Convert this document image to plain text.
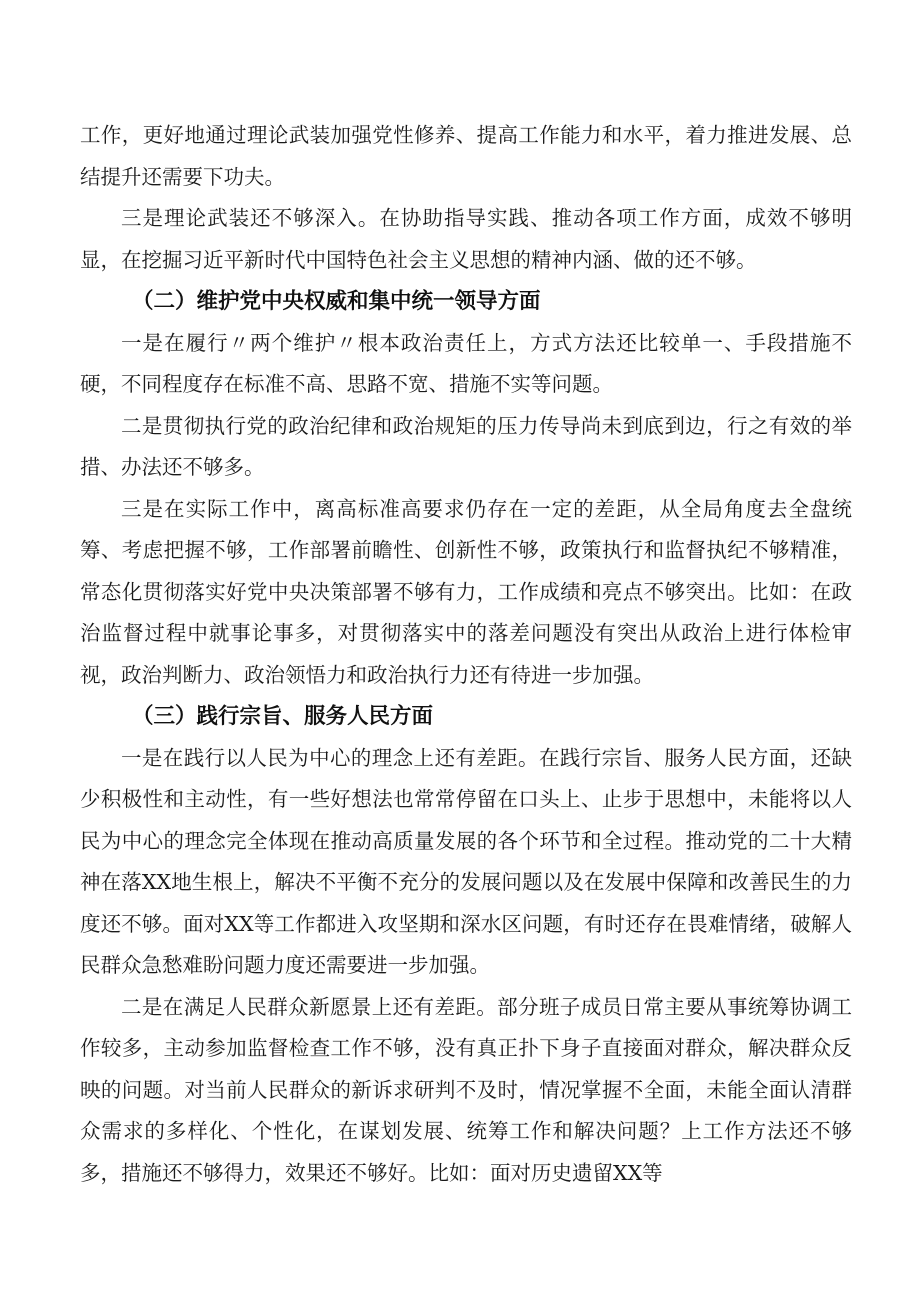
工作，更好地通过理论武装加强党性修养、提高工作能力和水平，着力推进发展、总结提升还需要下功夫。

三是理论武装还不够深入。在协助指导实践、推动各项工作方面，成效不够明显，在挖掘习近平新时代中国特色社会主义思想的精神内涵、做的还不够。

（二）维护党中央权威和集中统一领导方面

一是在履行〃两个维护〃根本政治责任上，方式方法还比较单一、手段措施不硬，不同程度存在标准不高、思路不宽、措施不实等问题。

二是贯彻执行党的政治纪律和政治规矩的压力传导尚未到底到边，行之有效的举措、办法还不够多。

三是在实际工作中，离高标准高要求仍存在一定的差距，从全局角度去全盘统筹、考虑把握不够，工作部署前瞻性、创新性不够，政策执行和监督执纪不够精准，常态化贯彻落实好党中央决策部署不够有力，工作成绩和亮点不够突出。比如：在政治监督过程中就事论事多，对贯彻落实中的落差问题没有突出从政治上进行体检审视，政治判断力、政治领悟力和政治执行力还有待进一步加强。

（三）践行宗旨、服务人民方面

一是在践行以人民为中心的理念上还有差距。在践行宗旨、服务人民方面，还缺少积极性和主动性，有一些好想法也常常停留在口头上、止步于思想中，未能将以人民为中心的理念完全体现在推动高质量发展的各个环节和全过程。推动党的二十大精神在落XX地生根上，解决不平衡不充分的发展问题以及在发展中保障和改善民生的力度还不够。面对XX等工作都进入攻坚期和深水区问题，有时还存在畏难情绪，破解人民群众急愁难盼问题力度还需要进一步加强。

二是在满足人民群众新愿景上还有差距。部分班子成员日常主要从事统筹协调工作较多，主动参加监督检查工作不够，没有真正扑下身子直接面对群众，解决群众反映的问题。对当前人民群众的新诉求研判不及时，情况掌握不全面，未能全面认清群众需求的多样化、个性化，在谋划发展、统筹工作和解决问题？上工作方法还不够多，措施还不够得力，效果还不够好。比如：面对历史遗留XX等
